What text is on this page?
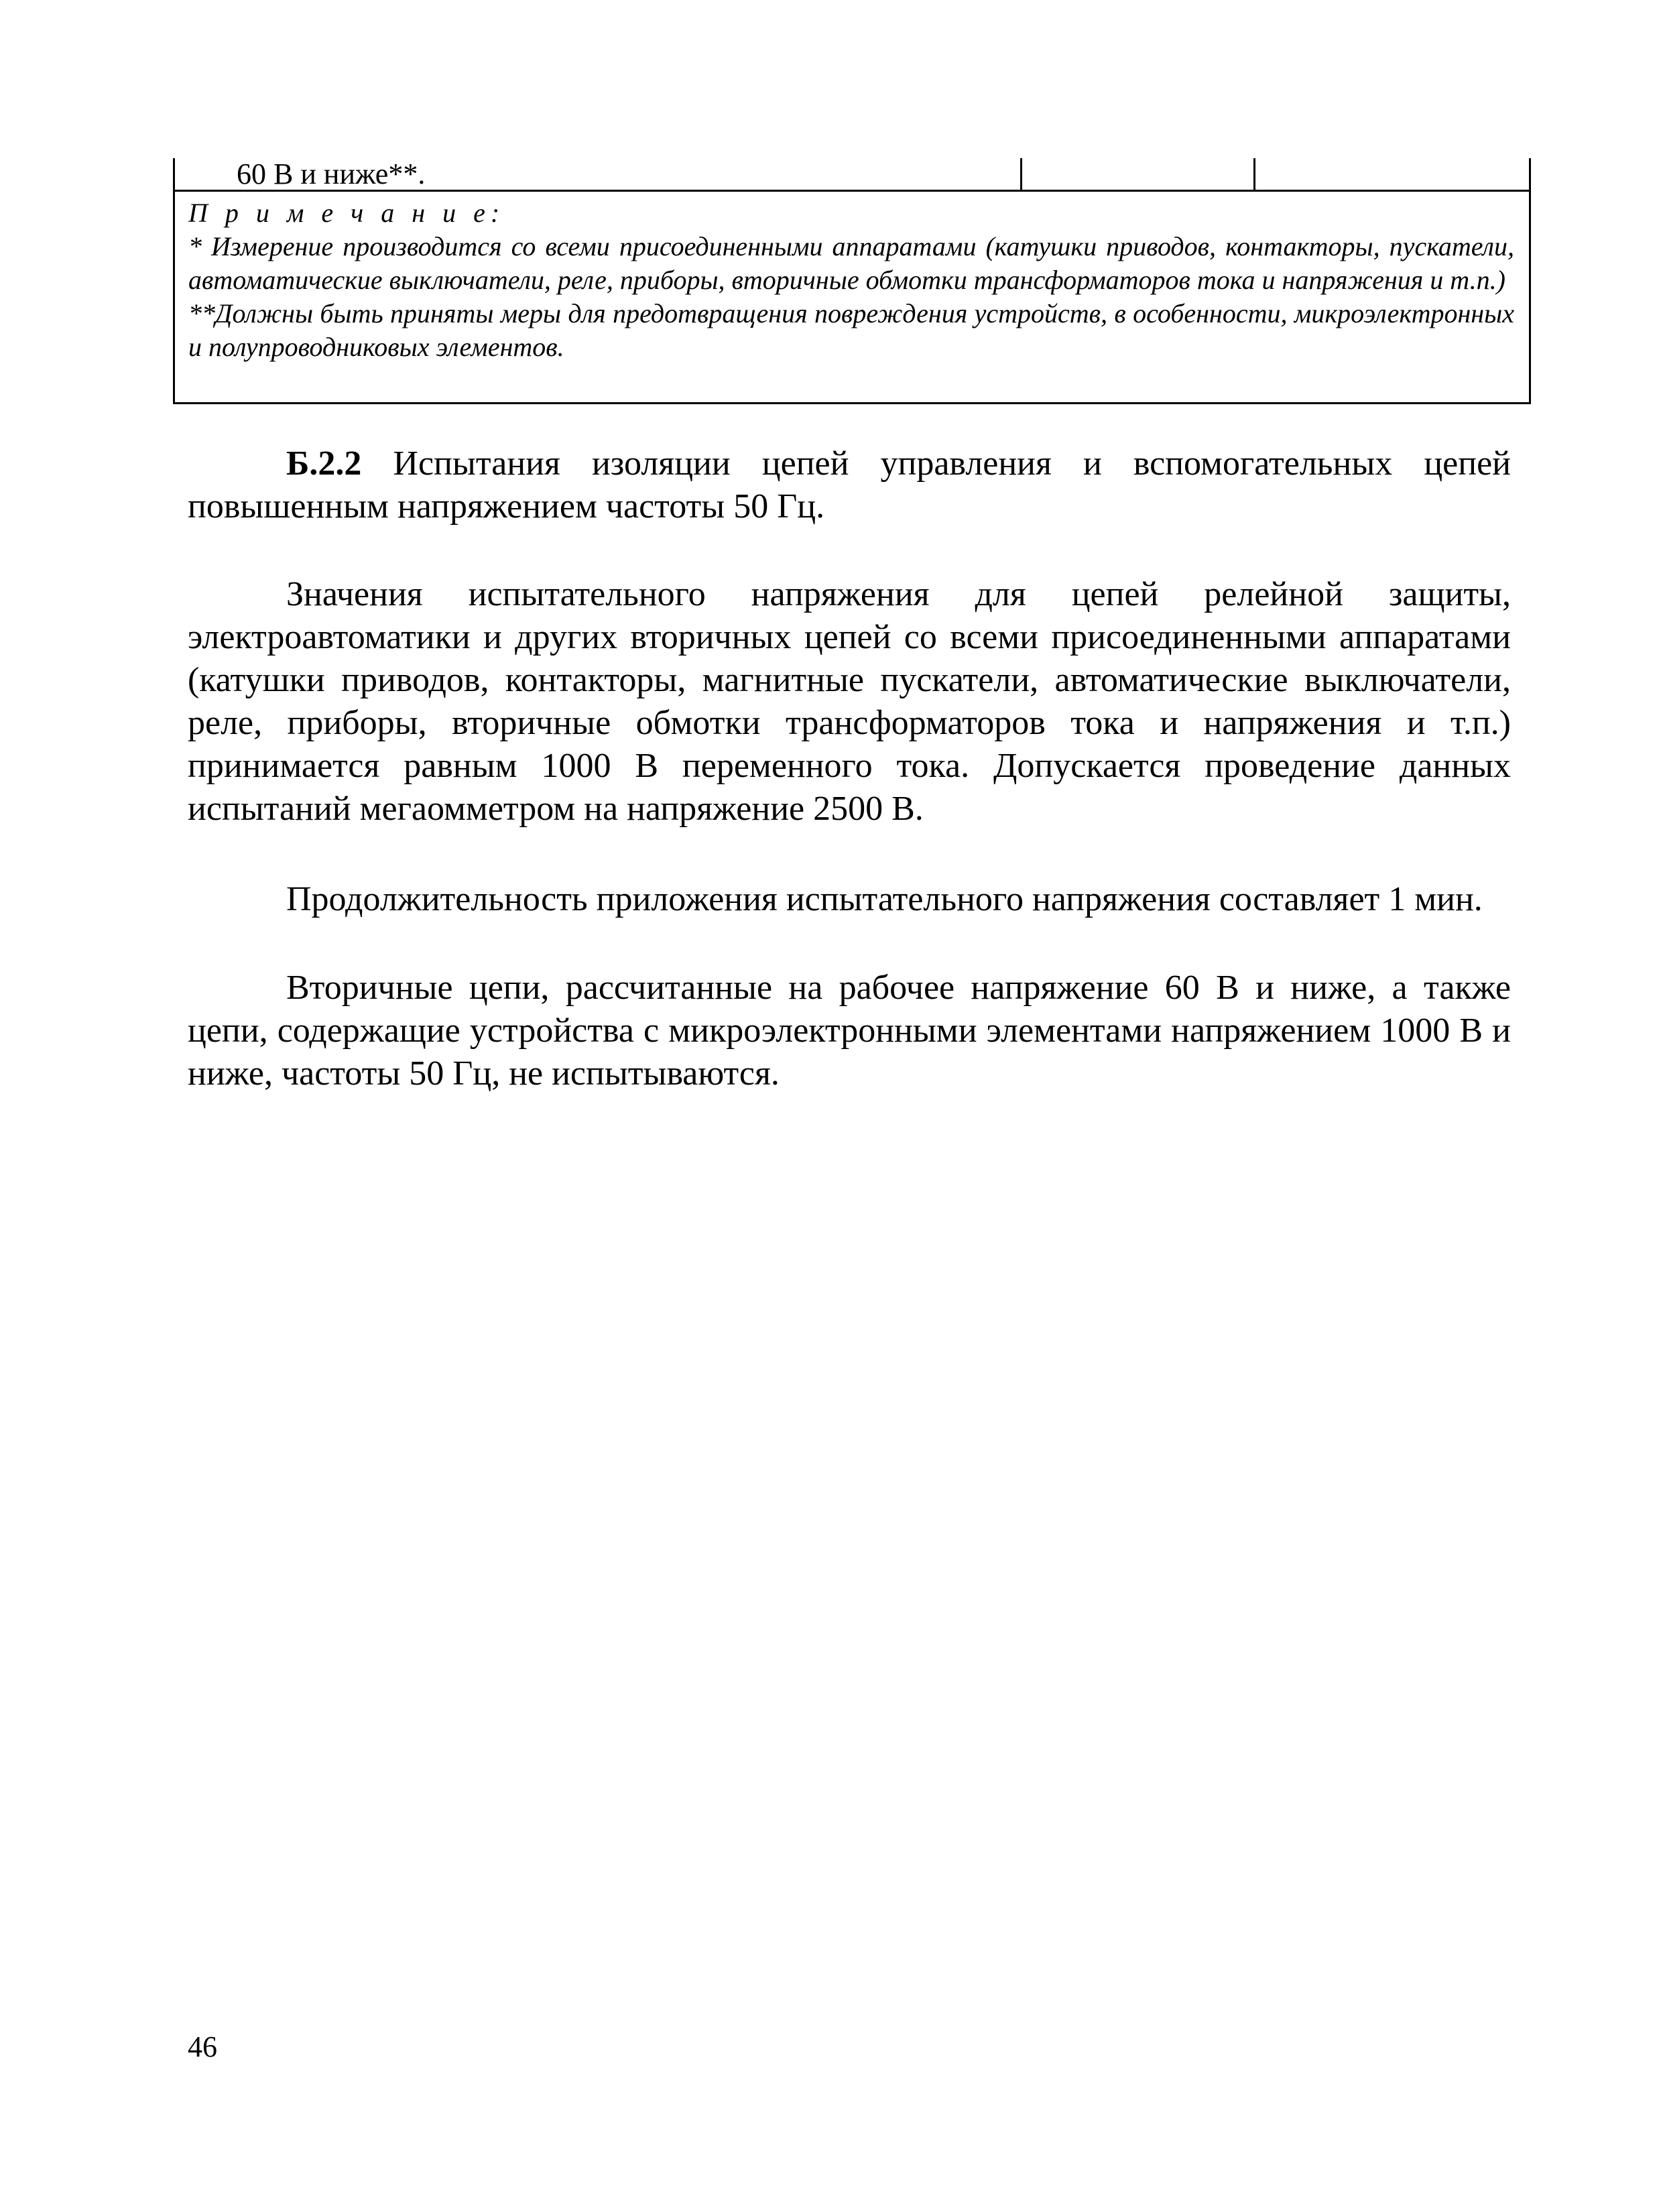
60 В и ниже**.
П р и м е ч а н и е:
* Измерение производится со всеми присоединенными аппаратами (катушки приводов, контакторы, пускатели, автоматические выключатели, реле, приборы, вторичные обмотки трансформаторов тока и напряжения и т.п.)
**Должны быть приняты меры для предотвращения повреждения устройств, в особенности, микроэлектронных и полупроводниковых элементов.
Б.2.2 Испытания изоляции цепей управления и вспомогательных цепей повышенным напряжением частоты 50 Гц.
Значения испытательного напряжения для цепей релейной защиты, электроавтоматики и других вторичных цепей со всеми присоединенными аппаратами (катушки приводов, контакторы, магнитные пускатели, автоматические выключатели, реле, приборы, вторичные обмотки трансформаторов тока и напряжения и т.п.) принимается равным 1000 В переменного тока. Допускается проведение данных испытаний мегаомметром на напряжение 2500 В.
Продолжительность приложения испытательного напряжения составляет 1 мин.
Вторичные цепи, рассчитанные на рабочее напряжение 60 В и ниже, а также цепи, содержащие устройства с микроэлектронными элементами напряжением 1000 В и ниже, частоты 50 Гц, не испытываются.
46
